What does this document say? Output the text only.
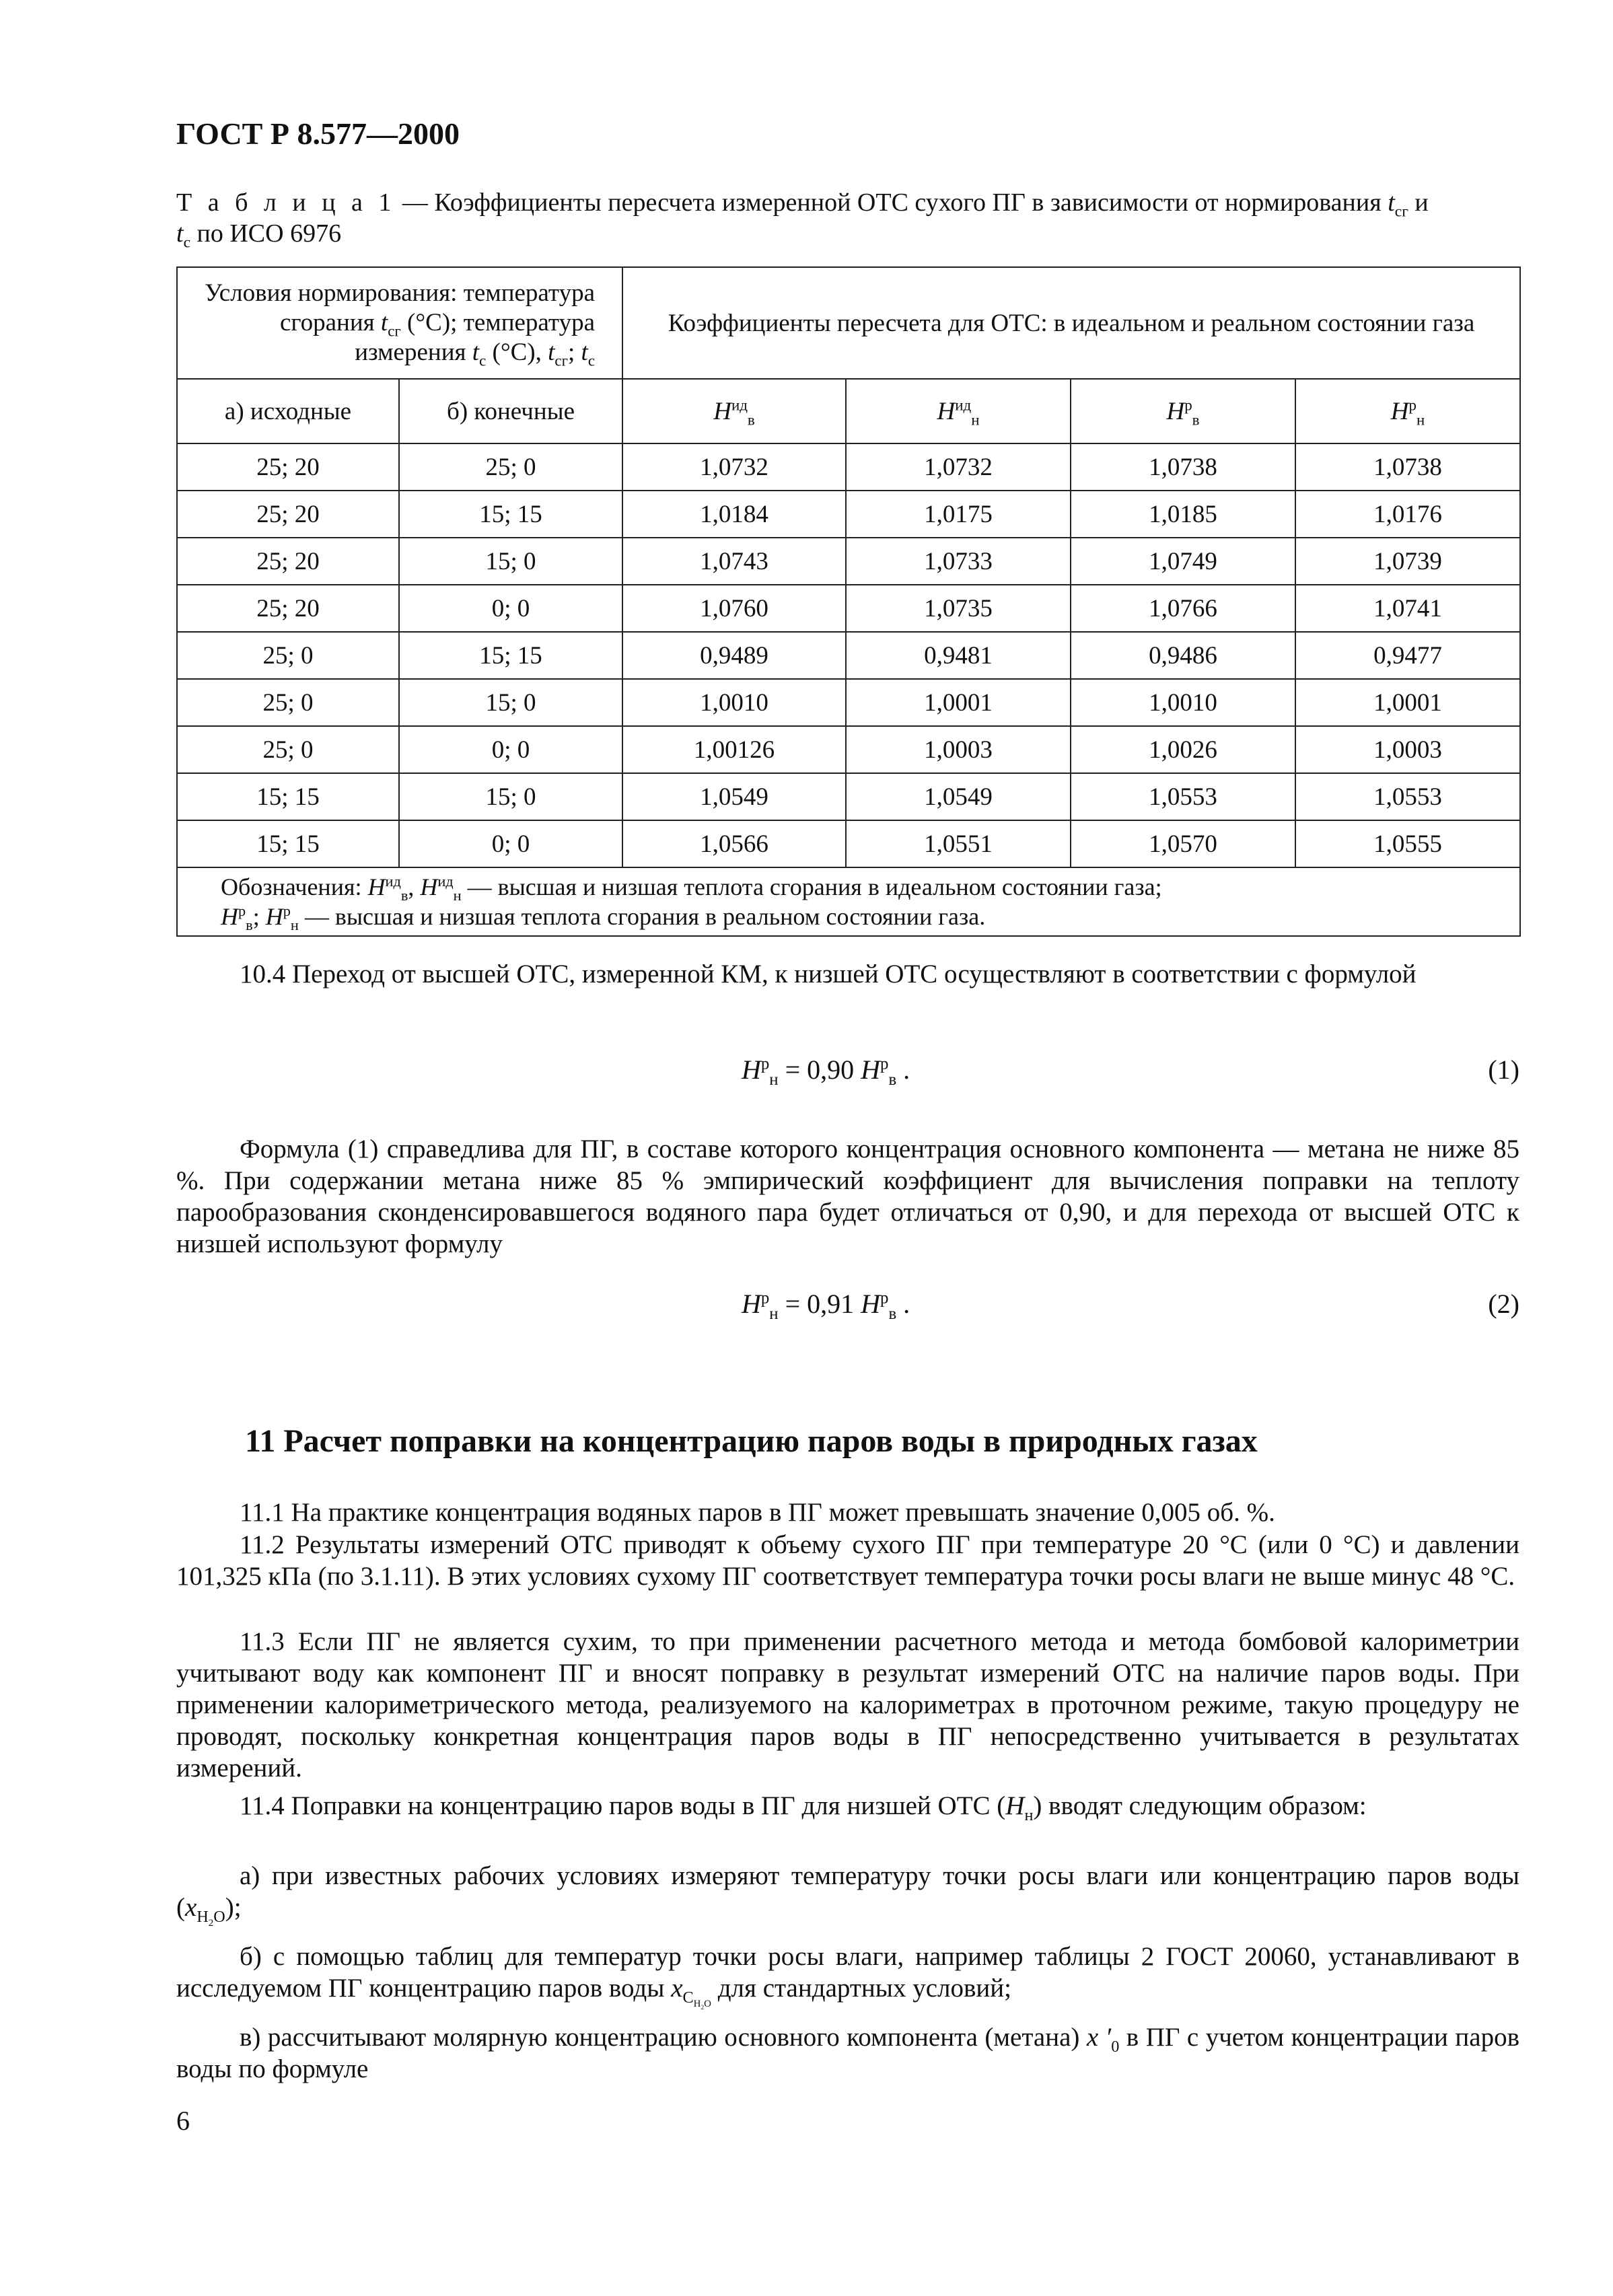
ГОСТ Р 8.577—2000
Т а б л и ц а 1 — Коэффициенты пересчета измеренной ОТС сухого ПГ в зависимости от нормирования $t_{сг}$ и
$t_с$ по ИСО 6976
Условия нормирования: температура
сгорания $t_{сг}$ (°С); температура
измерения $t_с$ (°С), $t_{сг}$; $t_с$		Коэффициенты пересчета для ОТС: в идеальном и реальном состоянии газа			
а) исходные	б) конечные	$H^{ид}_в$	$H^{ид}_н$	$H^р_в$	$H^р_н$
25; 20	25; 0	1,0732	1,0732	1,0738	1,0738
25; 20	15; 15	1,0184	1,0175	1,0185	1,0176
25; 20	15; 0	1,0743	1,0733	1,0749	1,0739
25; 20	0; 0	1,0760	1,0735	1,0766	1,0741
25; 0	15; 15	0,9489	0,9481	0,9486	0,9477
25; 0	15; 0	1,0010	1,0001	1,0010	1,0001
25; 0	0; 0	1,00126	1,0003	1,0026	1,0003
15; 15	15; 0	1,0549	1,0549	1,0553	1,0553
15; 15	0; 0	1,0566	1,0551	1,0570	1,0555
Обозначения: $H^{ид}_в$, $H^{ид}_н$ — высшая и низшая теплота сгорания в идеальном состоянии газа;
$H^р_в$; $H^р_н$ — высшая и низшая теплота сгорания в реальном состоянии газа.					
10.4 Переход от высшей ОТС, измеренной КМ, к низшей ОТС осуществляют в соответствии с формулой
$H^р_н = 0,90$ $H^р_в$ .	(1)
Формула (1) справедлива для ПГ, в составе которого концентрация основного компонента — метана не ниже 85 %. При содержании метана ниже 85 % эмпирический коэффициент для вычисления поправки на теплоту парообразования сконденсировавшегося водяного пара будет отличаться от 0,90, и для перехода от высшей ОТС к низшей используют формулу
$H^р_н = 0,91$ $H^р_в$ .	(2)
11 Расчет поправки на концентрацию паров воды в природных газах
11.1 На практике концентрация водяных паров в ПГ может превышать значение 0,005 об. %.
11.2 Результаты измерений ОТС приводят к объему сухого ПГ при температуре 20 °С (или 0 °С) и давлении 101,325 кПа (по 3.1.11). В этих условиях сухому ПГ соответствует температура точки росы влаги не выше минус 48 °С.
11.3 Если ПГ не является сухим, то при применении расчетного метода и метода бомбовой калориметрии учитывают воду как компонент ПГ и вносят поправку в результат измерений ОТС на наличие паров воды. При применении калориметрического метода, реализуемого на калориметрах в проточном режиме, такую процедуру не проводят, поскольку конкретная концентрация паров воды в ПГ непосредственно учитывается в результатах измерений.
11.4 Поправки на концентрацию паров воды в ПГ для низшей ОТС $(H_н)$ вводят следующим образом:
а) при известных рабочих условиях измеряют температуру точки росы влаги или концентрацию паров воды $(x_{H_2O})$;
б) с помощью таблиц для температур точки росы влаги, например таблицы 2 ГОСТ 20060, устанавливают в исследуемом ПГ концентрацию паров воды $x_{С_{H_2O}}$ для стандартных условий;
в) рассчитывают молярную концентрацию основного компонента (метана) x $'_0$ в ПГ с учетом концентрации паров воды по формуле
6
